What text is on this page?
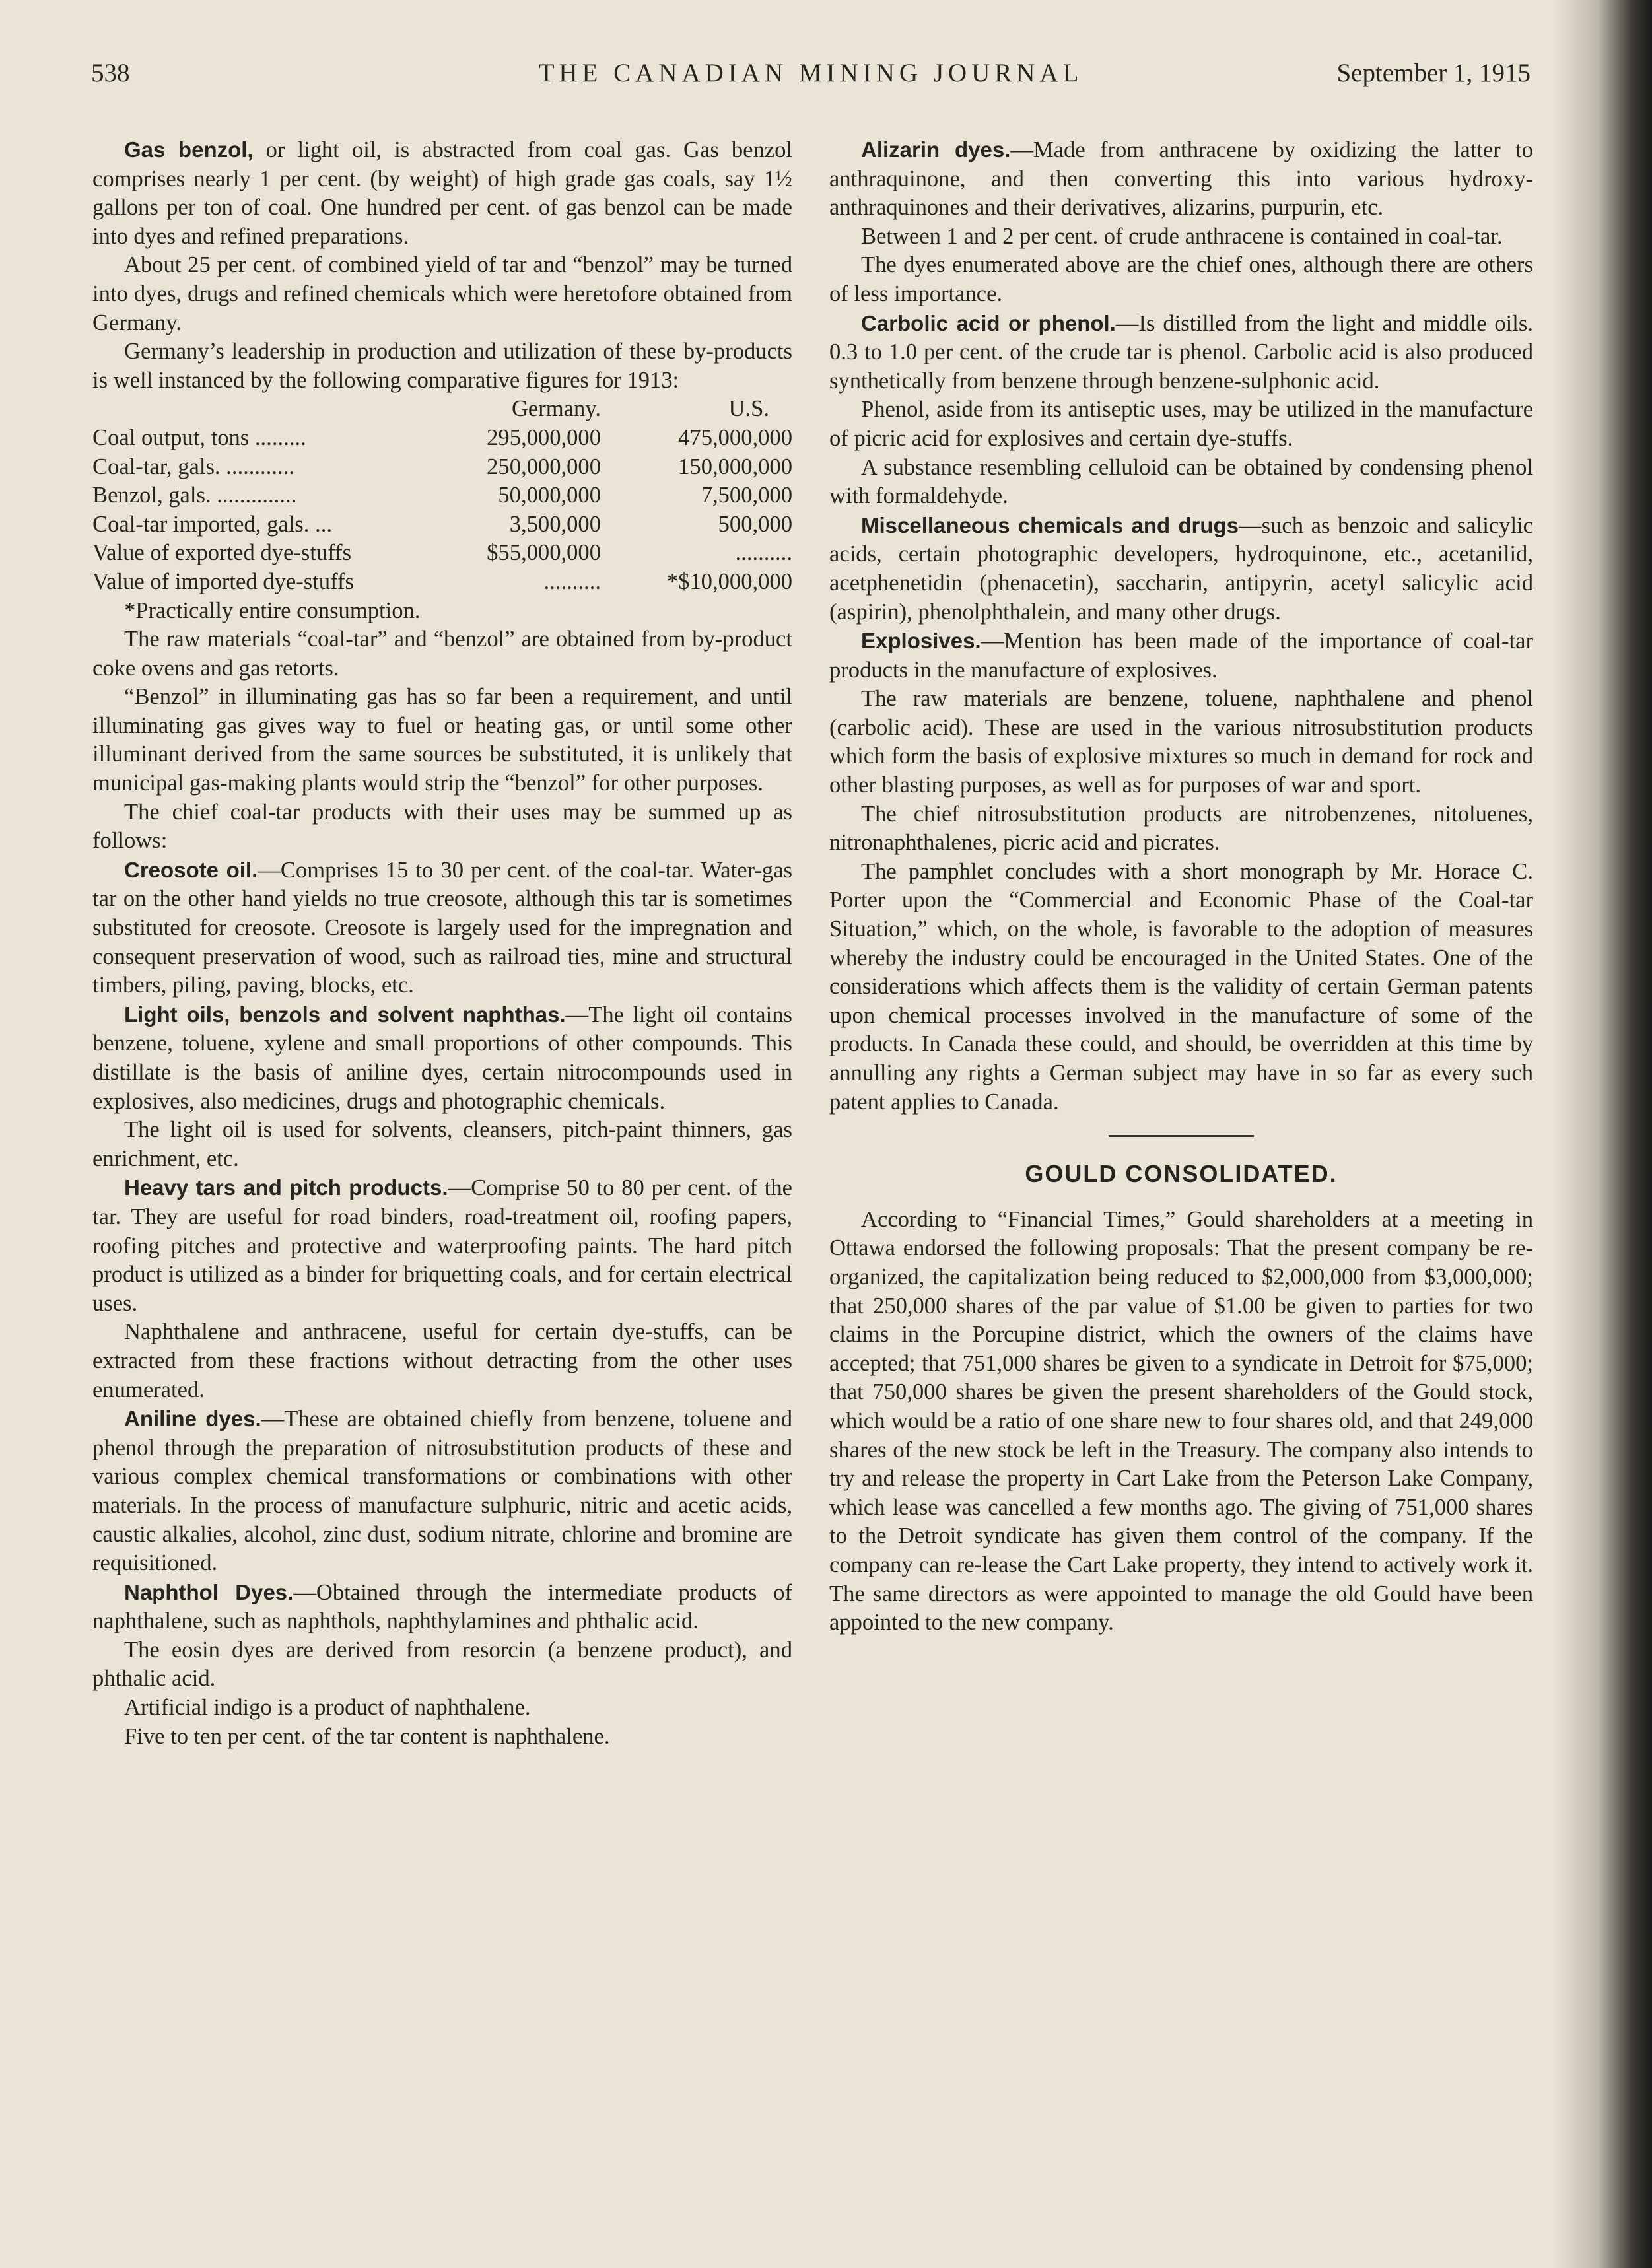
538	THE CANADIAN MINING JOURNAL	September 1, 1915

Gas benzol, or light oil, is abstracted from coal gas. Gas benzol comprises nearly 1 per cent. (by weight) of high grade gas coals, say 1½ gallons per ton of coal. One hundred per cent. of gas benzol can be made into dyes and refined preparations.

About 25 per cent. of combined yield of tar and “benzol” may be turned into dyes, drugs and refined chemicals which were heretofore obtained from Germany.

Germany’s leadership in production and utilization of these by-products is well instanced by the following comparative figures for 1913:

	Germany.	U.S.
Coal output, tons .........	295,000,000	475,000,000
Coal-tar, gals. ............	250,000,000	150,000,000
Benzol, gals. ..............	50,000,000	7,500,000
Coal-tar imported, gals. ...	3,500,000	500,000
Value of exported dye-stuffs	$55,000,000	..........
Value of imported dye-stuffs	..........	*$10,000,000

*Practically entire consumption.

The raw materials “coal-tar” and “benzol” are obtained from by-product coke ovens and gas retorts.

“Benzol” in illuminating gas has so far been a requirement, and until illuminating gas gives way to fuel or heating gas, or until some other illuminant derived from the same sources be substituted, it is unlikely that municipal gas-making plants would strip the “benzol” for other purposes.

The chief coal-tar products with their uses may be summed up as follows:

Creosote oil.—Comprises 15 to 30 per cent. of the coal-tar. Water-gas tar on the other hand yields no true creosote, although this tar is sometimes substituted for creosote. Creosote is largely used for the impregnation and consequent preservation of wood, such as railroad ties, mine and structural timbers, piling, paving, blocks, etc.

Light oils, benzols and solvent naphthas.—The light oil contains benzene, toluene, xylene and small proportions of other compounds. This distillate is the basis of aniline dyes, certain nitrocompounds used in explosives, also medicines, drugs and photographic chemicals.

The light oil is used for solvents, cleansers, pitch-paint thinners, gas enrichment, etc.

Heavy tars and pitch products.—Comprise 50 to 80 per cent. of the tar. They are useful for road binders, road-treatment oil, roofing papers, roofing pitches and protective and waterproofing paints. The hard pitch product is utilized as a binder for briquetting coals, and for certain electrical uses.

Naphthalene and anthracene, useful for certain dye-stuffs, can be extracted from these fractions without detracting from the other uses enumerated.

Aniline dyes.—These are obtained chiefly from benzene, toluene and phenol through the preparation of nitrosubstitution products of these and various complex chemical transformations or combinations with other materials. In the process of manufacture sulphuric, nitric and acetic acids, caustic alkalies, alcohol, zinc dust, sodium nitrate, chlorine and bromine are requisitioned.

Naphthol Dyes.—Obtained through the intermediate products of naphthalene, such as naphthols, naphthylamines and phthalic acid.

The eosin dyes are derived from resorcin (a benzene product), and phthalic acid.

Artificial indigo is a product of naphthalene.

Five to ten per cent. of the tar content is naphthalene.

Alizarin dyes.—Made from anthracene by oxidizing the latter to anthraquinone, and then converting this into various hydroxy-anthraquinones and their derivatives, alizarins, purpurin, etc.

Between 1 and 2 per cent. of crude anthracene is contained in coal-tar.

The dyes enumerated above are the chief ones, although there are others of less importance.

Carbolic acid or phenol.—Is distilled from the light and middle oils. 0.3 to 1.0 per cent. of the crude tar is phenol. Carbolic acid is also produced synthetically from benzene through benzene-sulphonic acid.

Phenol, aside from its antiseptic uses, may be utilized in the manufacture of picric acid for explosives and certain dye-stuffs.

A substance resembling celluloid can be obtained by condensing phenol with formaldehyde.

Miscellaneous chemicals and drugs—such as benzoic and salicylic acids, certain photographic developers, hydroquinone, etc., acetanilid, acetphenetidin (phenacetin), saccharin, antipyrin, acetyl salicylic acid (aspirin), phenolphthalein, and many other drugs.

Explosives.—Mention has been made of the importance of coal-tar products in the manufacture of explosives.

The raw materials are benzene, toluene, naphthalene and phenol (carbolic acid). These are used in the various nitrosubstitution products which form the basis of explosive mixtures so much in demand for rock and other blasting purposes, as well as for purposes of war and sport.

The chief nitrosubstitution products are nitrobenzenes, nitoluenes, nitronaphthalenes, picric acid and picrates.

The pamphlet concludes with a short monograph by Mr. Horace C. Porter upon the “Commercial and Economic Phase of the Coal-tar Situation,” which, on the whole, is favorable to the adoption of measures whereby the industry could be encouraged in the United States. One of the considerations which affects them is the validity of certain German patents upon chemical processes involved in the manufacture of some of the products. In Canada these could, and should, be overridden at this time by annulling any rights a German subject may have in so far as every such patent applies to Canada.

GOULD CONSOLIDATED.

According to “Financial Times,” Gould shareholders at a meeting in Ottawa endorsed the following proposals: That the present company be re-organized, the capitalization being reduced to $2,000,000 from $3,000,000; that 250,000 shares of the par value of $1.00 be given to parties for two claims in the Porcupine district, which the owners of the claims have accepted; that 751,000 shares be given to a syndicate in Detroit for $75,000; that 750,000 shares be given the present shareholders of the Gould stock, which would be a ratio of one share new to four shares old, and that 249,000 shares of the new stock be left in the Treasury. The company also intends to try and release the property in Cart Lake from the Peterson Lake Company, which lease was cancelled a few months ago. The giving of 751,000 shares to the Detroit syndicate has given them control of the company. If the company can re-lease the Cart Lake property, they intend to actively work it. The same directors as were appointed to manage the old Gould have been appointed to the new company.
